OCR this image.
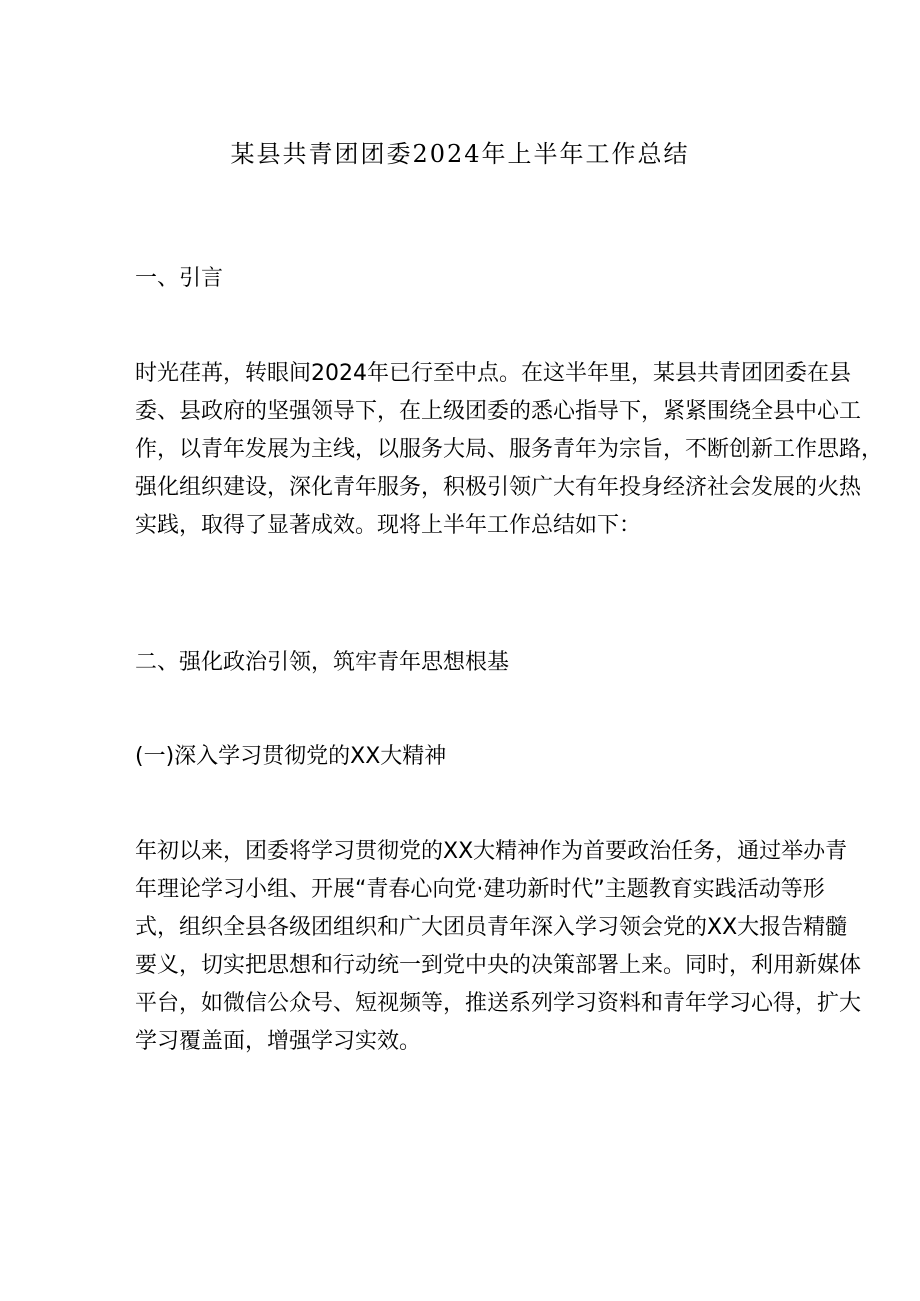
某县共青团团委2024年上半年工作总结
一、引言

时光荏苒，转眼间2024年已行至中点。在这半年里，某县共青团团委在县
委、县政府的坚强领导下，在上级团委的悉心指导下，紧紧围绕全县中心工
作，以青年发展为主线，以服务大局、服务青年为宗旨，不断创新工作思路，
强化组织建设，深化青年服务，积极引领广大有年投身经济社会发展的火热
实践，取得了显著成效。现将上半年工作总结如下：

二、强化政治引领，筑牢青年思想根基
(一)深入学习贯彻党的XX大精神

年初以来，团委将学习贯彻党的XX大精神作为首要政治任务，通过举办青
年理论学习小组、开展“青春心向党·建功新时代”主题教育实践活动等形
式，组织全县各级团组织和广大团员青年深入学习领会党的XX大报告精髓
要义，切实把思想和行动统一到党中央的决策部署上来。同时，利用新媒体
平台，如微信公众号、短视频等，推送系列学习资料和青年学习心得，扩大
学习覆盖面，增强学习实效。
